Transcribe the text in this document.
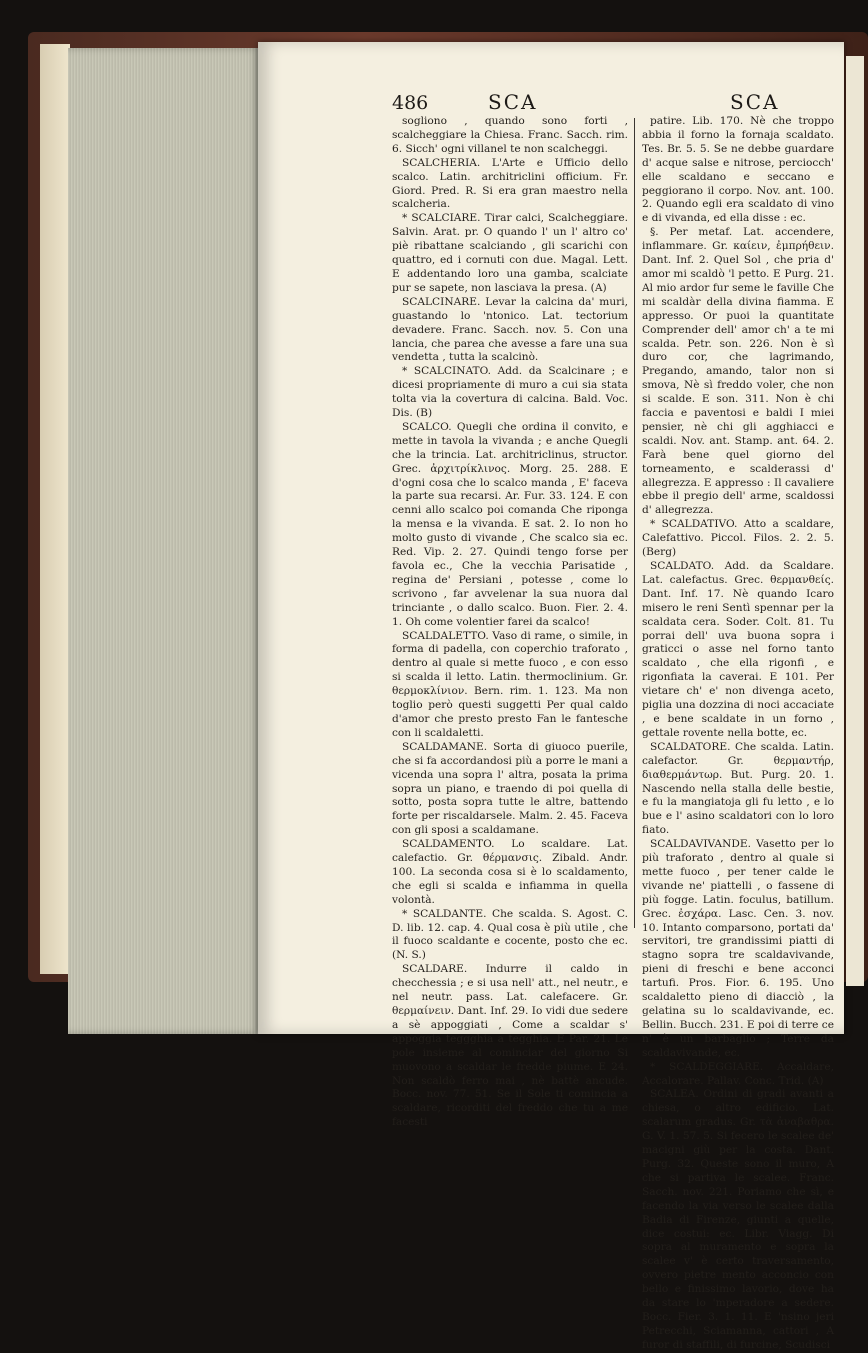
486	SCA	SCA

sogliono , quando sono forti , scalcheggiare la Chiesa. Franc. Sacch. rim. 6. Sicch' ogni villanel te non scalcheggi.

SCALCHERIA. L'Arte e Ufficio dello scalco. Latin. architriclini officium. Fr. Giord. Pred. R. Si era gran maestro nella scalcheria.

* SCALCIARE. Tirar calci, Scalcheggiare. Salvin. Arat. pr. O quando l' un l' altro co' piè ribattane scalciando , gli scarichi con quattro, ed i cornuti con due. Magal. Lett. E addentando loro una gamba, scalciate pur se sapete, non lasciava la presa. (A)

SCALCINARE. Levar la calcina da' muri, guastando lo 'ntonico. Lat. tectorium devadere. Franc. Sacch. nov. 5. Con una lancia, che parea che avesse a fare una sua vendetta , tutta la scalcinò.

* SCALCINATO. Add. da Scalcinare ; e dicesi propriamente di muro a cui sia stata tolta via la covertura di calcina. Bald. Voc. Dis. (B)

SCALCO. Quegli che ordina il convito, e mette in tavola la vivanda ; e anche Quegli che la trincia. Lat. architriclinus, structor. Grec. ἀρχιτρίκλινος. Morg. 25. 288. E d'ogni cosa che lo scalco manda , E' faceva la parte sua recarsi. Ar. Fur. 33. 124. E con cenni allo scalco poi comanda Che riponga la mensa e la vivanda. E sat. 2. Io non ho molto gusto di vivande , Che scalco sia ec. Red. Vip. 2. 27. Quindi tengo forse per favola ec., Che la vecchia Parisatide , regina de' Persiani , potesse , come lo scrivono , far avvelenar la sua nuora dal trinciante , o dallo scalco. Buon. Fier. 2. 4. 1. Oh come volentier farei da scalco!

SCALDALETTO. Vaso di rame, o simile, in forma di padella, con coperchio traforato , dentro al quale si mette fuoco , e con esso si scalda il letto. Latin. thermoclinium. Gr. θερμοκλίνιον. Bern. rim. 1. 123. Ma non toglio però questi suggetti Per qual caldo d'amor che presto presto Fan le fantesche con li scaldaletti.

SCALDAMANE. Sorta di giuoco puerile, che si fa accordandosi più a porre le mani a vicenda una sopra l' altra, posata la prima sopra un piano, e traendo di poi quella di sotto, posta sopra tutte le altre, battendo forte per riscaldarsele. Malm. 2. 45. Faceva con gli sposi a scaldamane.

SCALDAMENTO. Lo scaldare. Lat. calefactio. Gr. θέρμανσις. Zibald. Andr. 100. La seconda cosa si è lo scaldamento, che egli si scalda e infiamma in quella volontà.

* SCALDANTE. Che scalda. S. Agost. C. D. lib. 12. cap. 4. Qual cosa è più utile , che il fuoco scaldante e cocente, posto che ec. (N. S.)

SCALDARE. Indurre il caldo in checchessia ; e si usa nell' att., nel neutr., e nel neutr. pass. Lat. calefacere. Gr. θερμαίνειν. Dant. Inf. 29. Io vidi due sedere a sè appoggiati , Come a scaldar s' appoggia teggghia a tegghia. E Par. 21. Le pole insieme al cominciar del giorno Si muovono a scaldar le fredde piume. E 24. Non scaldò ferro mai , nè battè ancude. Bocc. nov. 77. 51. Se il Sole ti comincia a scaldare, ricorditi del freddo che tu a me facesti

patire. Lib. 170. Nè che troppo abbia il forno la fornaja scaldato. Tes. Br. 5. 5. Se ne debbe guardare d' acque salse e nitrose, perciocch' elle scaldano e seccano e peggiorano il corpo. Nov. ant. 100. 2. Quando egli era scaldato di vino e di vivanda, ed ella disse : ec.

§. Per metaf. Lat. accendere, inflammare. Gr. καίειν, ἐμπρήθειν. Dant. Inf. 2. Quel Sol , che pria d' amor mi scaldò 'l petto. E Purg. 21. Al mio ardor fur seme le faville Che mi scaldàr della divina fiamma. E appresso. Or puoi la quantitate Comprender dell' amor ch' a te mi scalda. Petr. son. 226. Non è sì duro cor, che lagrimando, Pregando, amando, talor non si smova, Nè sì freddo voler, che non si scalde. E son. 311. Non è chi faccia e paventosi e baldi I miei pensier, nè chi gli agghiacci e scaldi. Nov. ant. Stamp. ant. 64. 2. Farà bene quel giorno del torneamento, e scalderassi d' allegrezza. E appresso : Il cavaliere ebbe il pregio dell' arme, scaldossi d' allegrezza.

* SCALDATIVO. Atto a scaldare, Calefattivo. Piccol. Filos. 2. 2. 5. (Berg)

SCALDATO. Add. da Scaldare. Lat. calefactus. Grec. θερμανθείς. Dant. Inf. 17. Nè quando Icaro misero le reni Sentì spennar per la scaldata cera. Soder. Colt. 81. Tu porrai dell' uva buona sopra i graticci o asse nel forno tanto scaldato , che ella rigonfi , e rigonfiata la caverai. E 101. Per vietare ch' e' non divenga aceto, piglia una dozzina di noci accaciate , e bene scaldate in un forno , gettale rovente nella botte, ec.

SCALDATORE. Che scalda. Latin. calefactor. Gr. θερμαντήρ, διαθερμάντωρ. But. Purg. 20. 1. Nascendo nella stalla delle bestie, e fu la mangiatoja gli fu letto , e lo bue e l' asino scaldatori con lo loro fiato.

SCALDAVIVANDE. Vasetto per lo più traforato , dentro al quale si mette fuoco , per tener calde le vivande ne' piattelli , o fassene di più fogge. Latin. foculus, batillum. Grec. ἐσχάρα. Lasc. Cen. 3. nov. 10. Intanto comparsono, portati da' servitori, tre grandissimi piatti di stagno sopra tre scaldavivande, pieni di freschi e bene acconci tartufi. Pros. Fior. 6. 195. Uno scaldaletto pieno di diacciò , la gelatina su lo scaldavivande, ec. Bellin. Bucch. 231. E poi di terre ce n' è un barbaglio ; Terre da scaldavivande, ec.

* SCALDEGGIARE. Accaldare, Accalorare. Pallav. Conc. Trid. (A)

SCALEA. Ordini di gradi avanti a chiesa, o altro edificio. Lat. scalarum gradus. Gr. τὰ ἀναβαθρα. G. V. 1. 57. 5. Si fecero le scalee de' macigni giù per la costa. Dant. Purg. 32. Queste sono il muro, A che si partiva le scalee. Franc. Sacch. nov. 221. Poriamo che sì, e facendo la via verso le scalee dalla Badia di Firenze, giunti a quelle, dice costui: ec. Libr. Viagg. Di sopra al muramento e sopra la scalee v' è certo traversamento, ovvero pietre mento acconcio con bello e finissimo lavorio, dove ha da stare lo 'mperadore a sedere. Bocc. Fier. 3. 1. 11. E 'nsino jeri Petrecchi, Sciamanna, cattori , A furor di staffili, di furcine, Scudisci
